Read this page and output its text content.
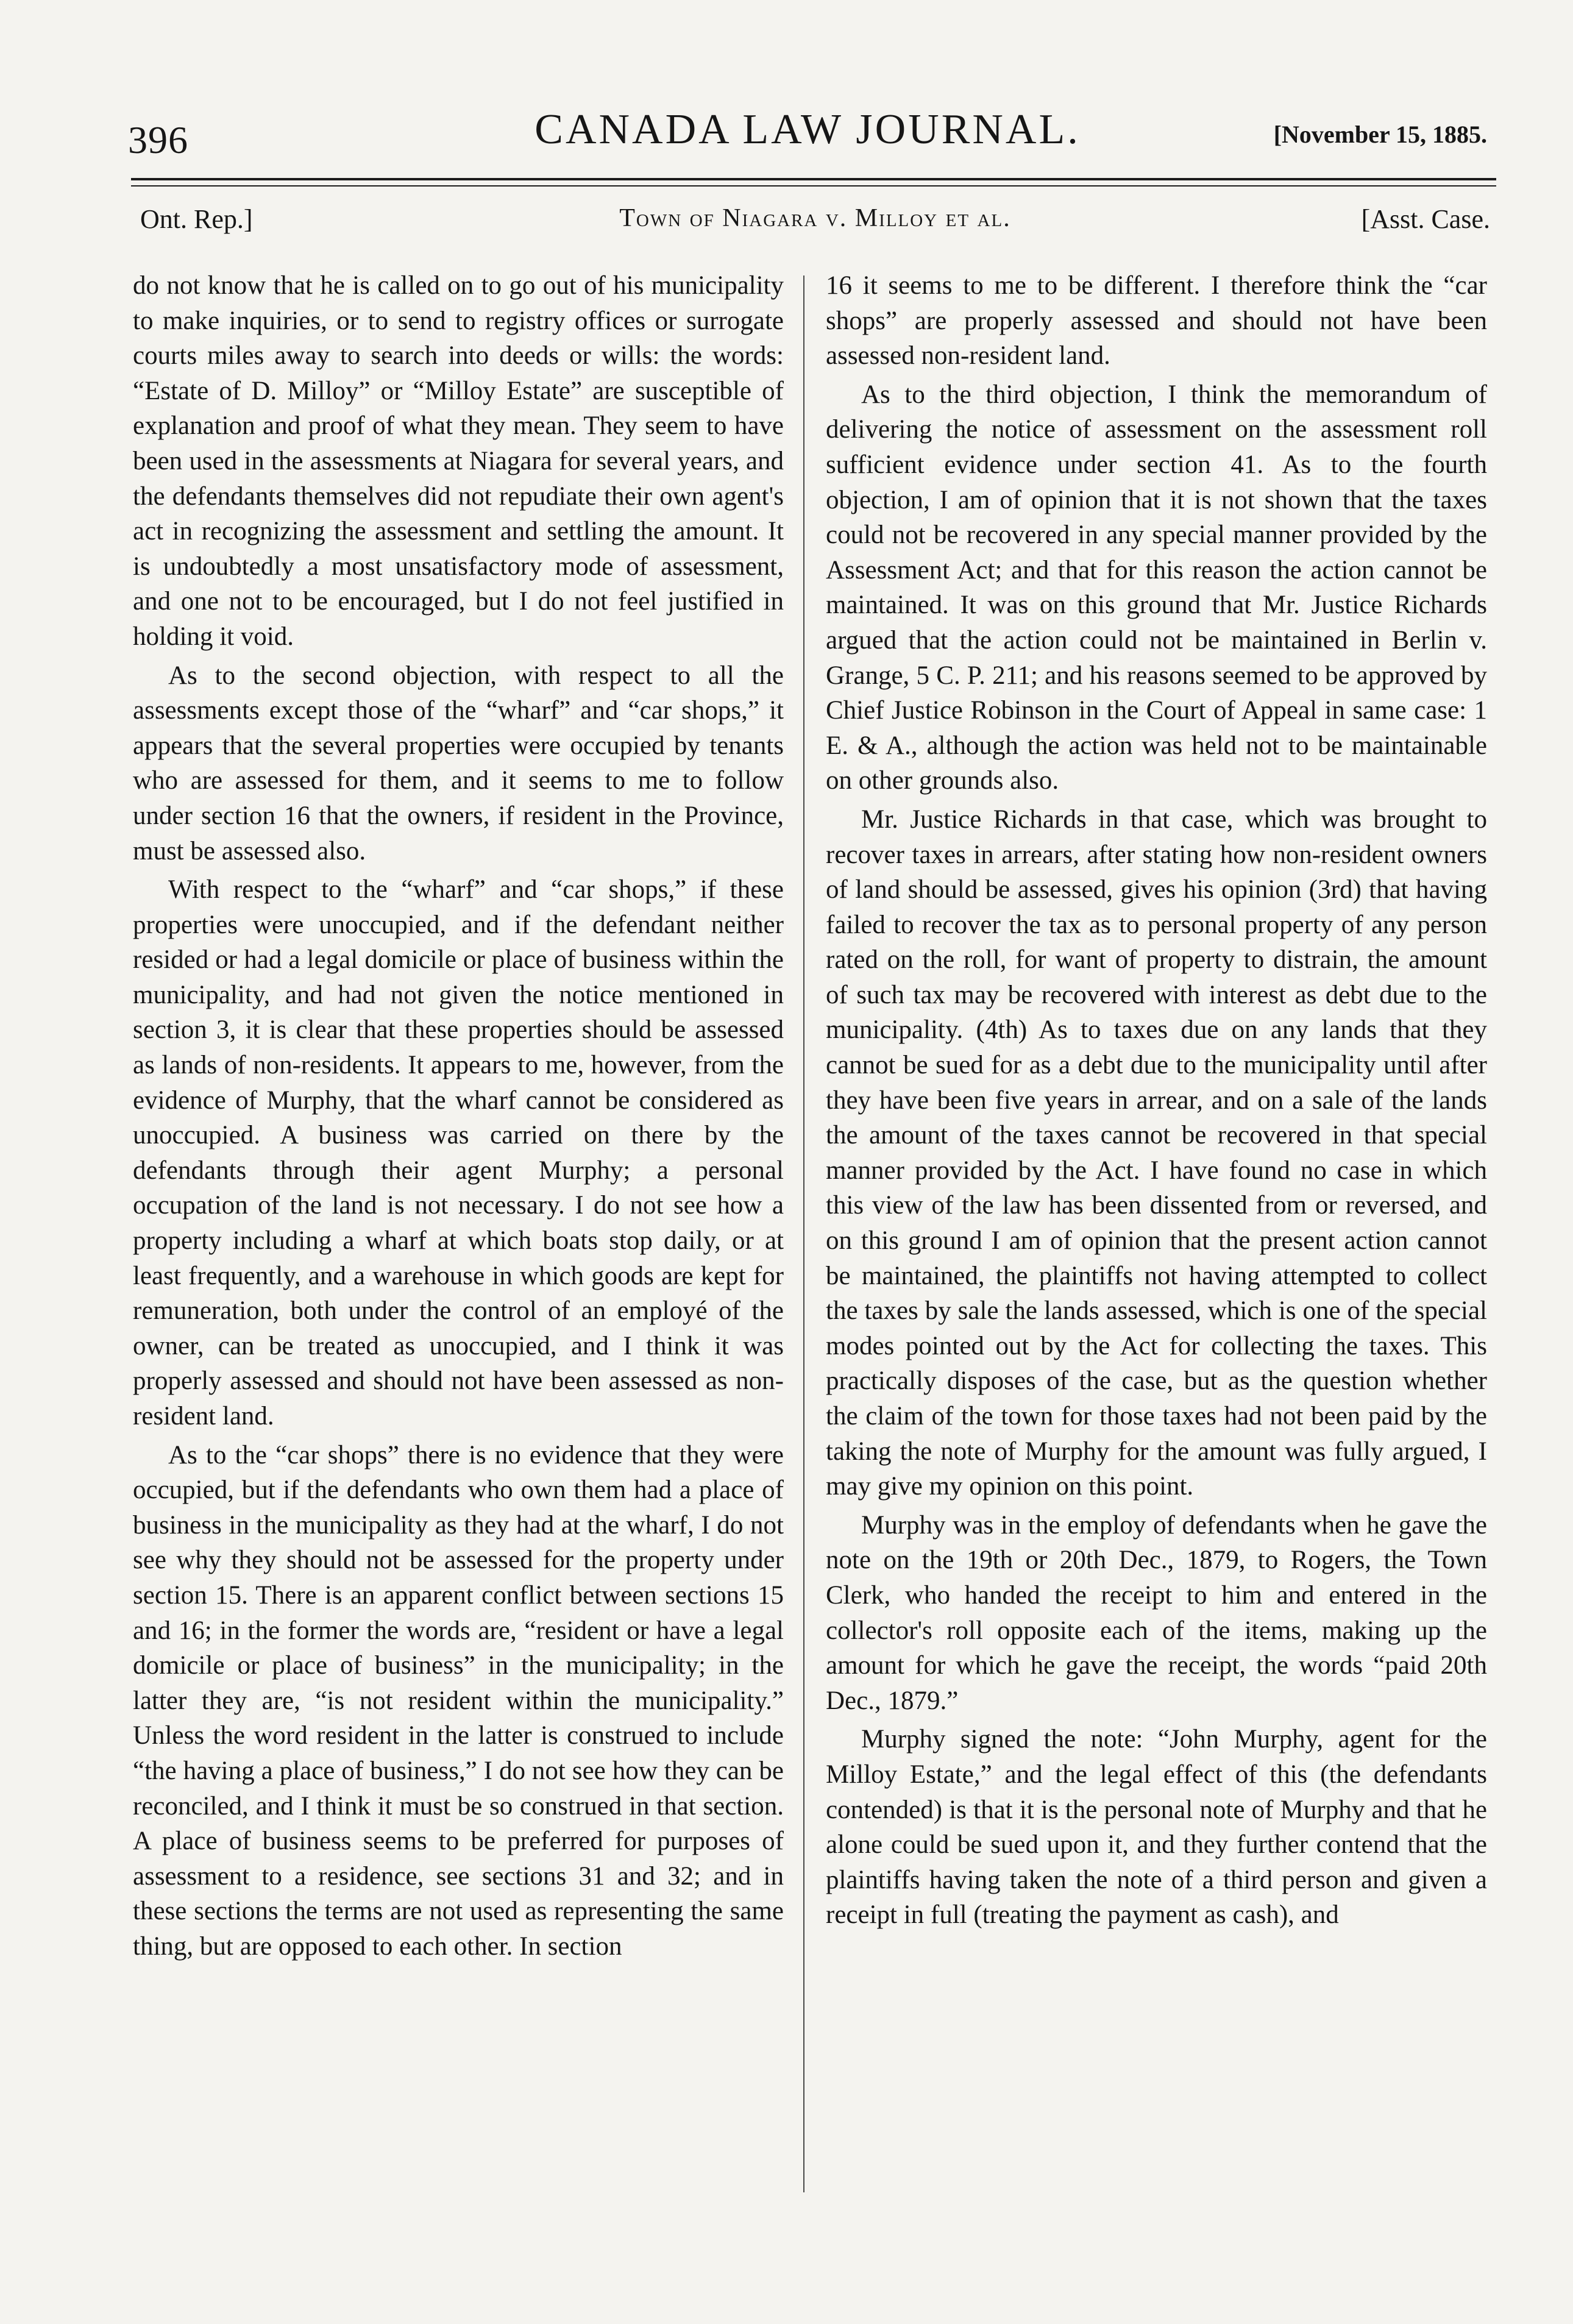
396	CANADA LAW JOURNAL.	[November 15, 1885.
Ont. Rep.]	Town of Niagara v. Milloy et al.	[Asst. Case.

do not know that he is called on to go out of his municipality to make inquiries, or to send to registry offices or surrogate courts miles away to search into deeds or wills: the words: “Estate of D. Milloy” or “Milloy Estate” are susceptible of explanation and proof of what they mean. They seem to have been used in the assessments at Niagara for several years, and the defendants themselves did not repudiate their own agent's act in recognizing the assessment and settling the amount. It is undoubtedly a most unsatisfactory mode of assessment, and one not to be encouraged, but I do not feel justified in holding it void.

As to the second objection, with respect to all the assessments except those of the “wharf” and “car shops,” it appears that the several properties were occupied by tenants who are assessed for them, and it seems to me to follow under section 16 that the owners, if resident in the Province, must be assessed also.

With respect to the “wharf” and “car shops,” if these properties were unoccupied, and if the defendant neither resided or had a legal domicile or place of business within the municipality, and had not given the notice mentioned in section 3, it is clear that these properties should be assessed as lands of non-residents. It appears to me, however, from the evidence of Murphy, that the wharf cannot be considered as unoccupied. A business was carried on there by the defendants through their agent Murphy; a personal occupation of the land is not necessary. I do not see how a property including a wharf at which boats stop daily, or at least frequently, and a warehouse in which goods are kept for remuneration, both under the control of an employé of the owner, can be treated as unoccupied, and I think it was properly assessed and should not have been assessed as non-resident land.

As to the “car shops” there is no evidence that they were occupied, but if the defendants who own them had a place of business in the municipality as they had at the wharf, I do not see why they should not be assessed for the property under section 15. There is an apparent conflict between sections 15 and 16; in the former the words are, “resident or have a legal domicile or place of business” in the municipality; in the latter they are, “is not resident within the municipality.” Unless the word resident in the latter is construed to include “the having a place of business,” I do not see how they can be reconciled, and I think it must be so construed in that section. A place of business seems to be preferred for purposes of assessment to a residence, see sections 31 and 32; and in these sections the terms are not used as representing the same thing, but are opposed to each other. In section

16 it seems to me to be different. I therefore think the “car shops” are properly assessed and should not have been assessed non-resident land.

As to the third objection, I think the memorandum of delivering the notice of assessment on the assessment roll sufficient evidence under section 41. As to the fourth objection, I am of opinion that it is not shown that the taxes could not be recovered in any special manner provided by the Assessment Act; and that for this reason the action cannot be maintained. It was on this ground that Mr. Justice Richards argued that the action could not be maintained in Berlin v. Grange, 5 C. P. 211; and his reasons seemed to be approved by Chief Justice Robinson in the Court of Appeal in same case: 1 E. & A., although the action was held not to be maintainable on other grounds also.

Mr. Justice Richards in that case, which was brought to recover taxes in arrears, after stating how non-resident owners of land should be assessed, gives his opinion (3rd) that having failed to recover the tax as to personal property of any person rated on the roll, for want of property to distrain, the amount of such tax may be recovered with interest as debt due to the municipality. (4th) As to taxes due on any lands that they cannot be sued for as a debt due to the municipality until after they have been five years in arrear, and on a sale of the lands the amount of the taxes cannot be recovered in that special manner provided by the Act. I have found no case in which this view of the law has been dissented from or reversed, and on this ground I am of opinion that the present action cannot be maintained, the plaintiffs not having attempted to collect the taxes by sale the lands assessed, which is one of the special modes pointed out by the Act for collecting the taxes. This practically disposes of the case, but as the question whether the claim of the town for those taxes had not been paid by the taking the note of Murphy for the amount was fully argued, I may give my opinion on this point.

Murphy was in the employ of defendants when he gave the note on the 19th or 20th Dec., 1879, to Rogers, the Town Clerk, who handed the receipt to him and entered in the collector's roll opposite each of the items, making up the amount for which he gave the receipt, the words “paid 20th Dec., 1879.”

Murphy signed the note: “John Murphy, agent for the Milloy Estate,” and the legal effect of this (the defendants contended) is that it is the personal note of Murphy and that he alone could be sued upon it, and they further contend that the plaintiffs having taken the note of a third person and given a receipt in full (treating the payment as cash), and
